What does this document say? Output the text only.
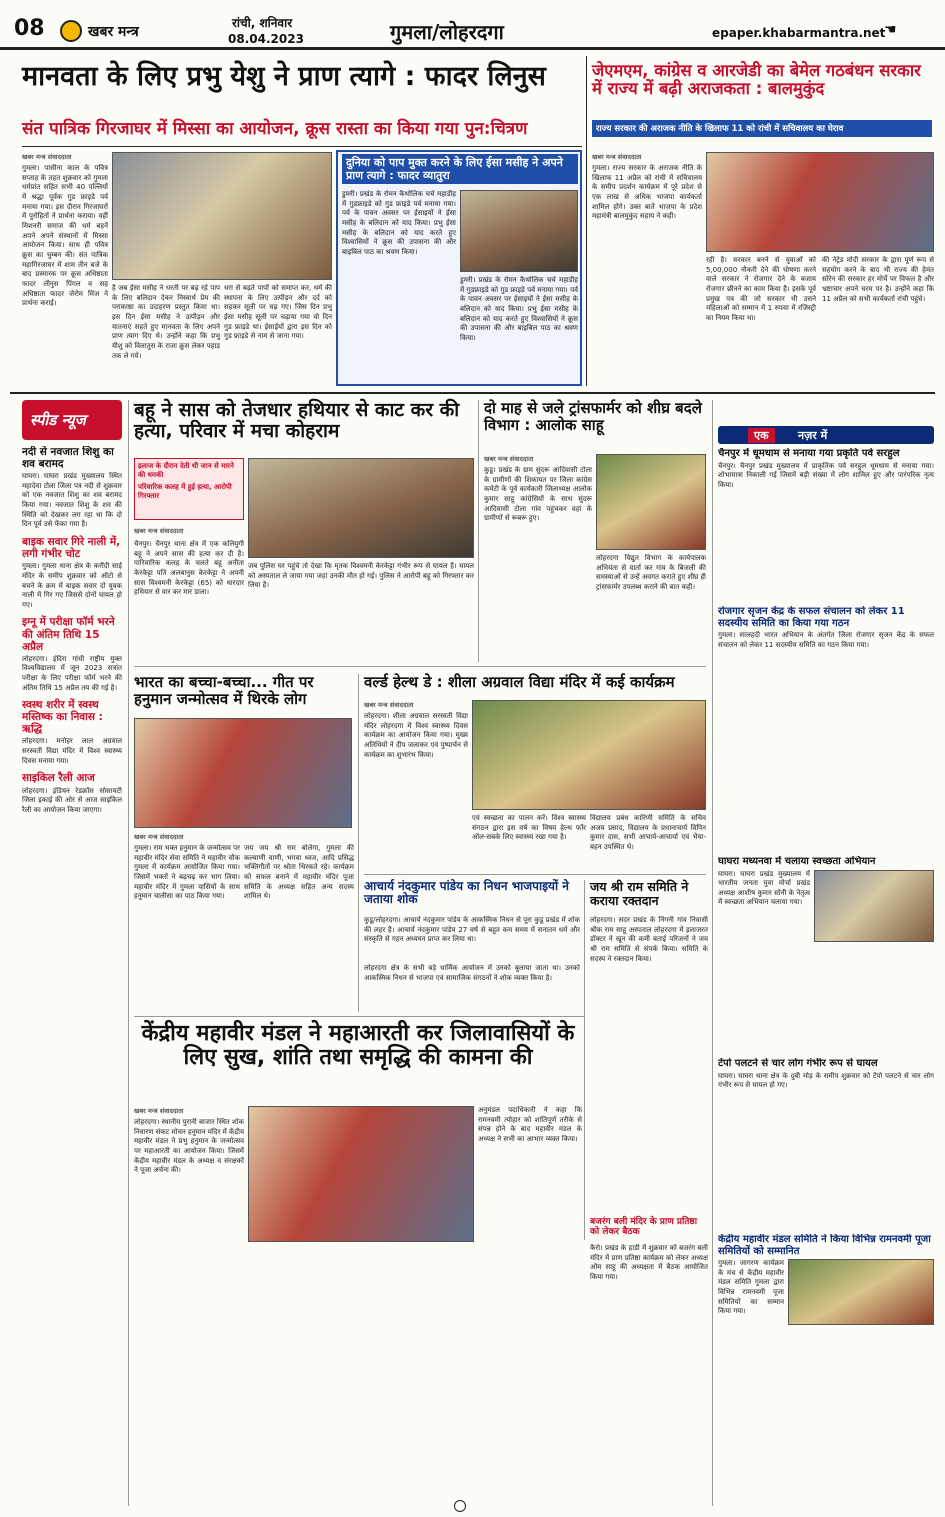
08	खबर मन्त्र
रांची, शनिवार
08.04.2023	गुमला/लोहरदगा	epaper.khabarmantra.net
☚
मानवता के लिए प्रभु येशु ने प्राण त्यागे : फादर लिनुस
संत पात्रिक गिरजाघर में मिस्सा का आयोजन, क्रूस रास्ता का किया गया पुन:चित्रण
खबर मन्त्र संवाददाता
गुमला। पासीना काल के पवित्र सप्ताह के तहत शुक्रवार को गुमला धर्मप्रांत सहित सभी 40 पल्लियों में श्रद्धा पूर्वक गुड फ्राइडे पर्व मनाया गया। इस दौरान गिरजाघरों में पुरोहितों ने प्रार्थना कराया। वहीं मिशनरी समाज की धर्म बहनें अपने अपने संस्थानों में मिस्सा आयोजन किया। साथ ही पवित्र क्रूस का चुम्बन की। संत पात्रिक महागिरजाघर में शाम तीन बजे के बाद प्रस्मारक पर क्रूस अधिष्ठाता फादर लीनुस पिंगल व सह अधिष्ठाता फादर जेरोम मिंज ने प्रार्थना कराई।
है जब ईसा मसीह ने धरती पर बढ़ रहे पाप के लिए बलिदान देकर निस्वार्थ प्रेम की पराकाष्ठा का उदाहरण प्रस्तुत किया था। इस दिन ईसा मसीह ने उत्पीड़न और यातनाएं सहते हुए मानवता के लिए अपने प्राण त्याग दिए थे। उन्होंने कहा कि प्रभु यीशु को विलातुस के राजा क्रूस लेकर पहाड़ तक ले गये।
धरा से बढ़ते पापों को समाप्त कर, धर्म की स्थापना के लिए उत्पीड़न और दर्द को सहकर सूली पर चढ़ गए। जिस दिन प्रभु ईसा मसीह सूली पर चढ़ाया गया वो दिन गुड फ्राइडे था। ईसाईयों द्वारा इस दिन को गुड फ्राइडे से नाम से जाना गया।
दुनिया को पाप मुक्त करने के लिए ईसा मसीह ने अपने प्राण त्यागे : फादर व्यातुरा
डुमरी। प्रखंड के रोमन कैथोलिक चर्च महाडीह में गुडफ्राइडे को गुड फ्राइडे पर्व मनाया गया। पर्व के पावन अवसर पर ईसाइयों ने ईसा मसीह के बलिदान को याद किया। प्रभु ईसा मसीह के बलिदान को याद करते हुए विश्वासियों ने क्रूस की उपासना की और बाइबिल पाठ का श्रवण किया।
डुमरी। प्रखंड के रोमन कैथोलिक चर्च महाडीह में गुडफ्राइडे को गुड फ्राइडे पर्व मनाया गया। पर्व के पावन अवसर पर ईसाइयों ने ईसा मसीह के बलिदान को याद किया। प्रभु ईसा मसीह के बलिदान को याद करते हुए विश्वासियों ने क्रूस की उपासना की और बाइबिल पाठ का श्रवण किया।
जेएमएम, कांग्रेस व आरजेडी का बेमेल गठबंधन सरकार में राज्य में बढ़ी अराजकता : बालमुकुंद
राज्य सरकार की अराजक नीति के खिलाफ 11 को रांची में सचिवालय का घेराव
खबर मन्त्र संवाददाता
गुमला। राज्य सरकार के अराजक नीति के खिलाफ 11 अप्रैल को रांची में सचिवालय के समीप प्रदर्शन कार्यक्रम में पूरे प्रदेश से एक लाख से अधिक भाजपा कार्यकर्ता शामिल होंगे। उक्त बातें भाजपा के प्रदेश महामंत्री बालमुकुंद सहाय ने कही।
रही है। सरकार बनने से युवाओं को 5,00,000 नौकरी देने की घोषणा करने वाले सरकार ने रोजगार देने के बजाय रोजगार छीनने का काम किया है। इसके पूर्व प्रमुख पत्र की जो सरकार थी उसने महिलाओं को सम्मान में 1 रुपया में रजिस्ट्री का नियम किया था।
की नेट्रेड मोदी सरकार के द्वारा पूर्ण रूप से सहयोग करने के बाद भी राज्य की हेमंत सोरेन की सरकार हर मोर्चे पर विफल है और भ्रष्टाचार अपने चरम पर है। उन्होंने कहा कि 11 अप्रैल को सभी कार्यकर्ता रांची पहुंचे।
स्पीड न्यूज
नदी से नवजात शिशु का शव बरामद
घाघरा। घाघरा प्रखंड मुख्यालय स्थित महादेवा टोला जिला पत्र नदी से शुक्रवार को एक नवजात शिशु का शव बरामद किया गया। नवजात शिशु के शव की स्थिति को देखकर लग रहा था कि दो दिन पूर्व उसे फेंका गया है।
बाइक सवार गिरे नाली में, लगी गंभीर चोट
गुमला। गुमला थाना क्षेत्र के करौंदी साई मंदिर के समीप शुक्रवार को ऑटो से बचने के क्रम में बाइक सवार दो युवक नाली में गिर गए जिससे दोनों घायल हो गए।
इग्नू में परीक्षा फॉर्म भरने की अंतिम तिथि 15 अप्रैल
लोहरदगा। इंदिरा गांधी राष्ट्रीय मुक्त विश्वविद्यालय में जून 2023 सत्रांत परीक्षा के लिए परीक्षा फॉर्म भरने की अंतिम तिथि 15 अप्रैल तय की गई है।
स्वस्थ शरीर में स्वस्थ मस्तिष्क का निवास : ऋद्धि
लोहरदगा। मनोहर लाल अग्रवाल सरस्वती विद्या मंदिर में विश्व स्वास्थ्य दिवस मनाया गया।
साइकिल रैली आज
लोहरदगा। इंडियन रेडक्रॉस सोसायटी जिला इकाई की ओर से आज साइकिल रैली का आयोजन किया जाएगा।
बहू ने सास को तेजधार हथियार से काट कर की हत्या, परिवार में मचा कोहराम
इलाज के दौरान देती थी जान से मारने की धमकी
परिवारिक कलह में हुई हत्या, आरोपी गिरफ्तार
खबर मन्त्र संवाददाता
चैनपुर। चैनपुर थाना क्षेत्र में एक कलियुगी बहू ने अपने सास की हत्या कर दी है। पारिवारिक कलह के चलते बहू अनीता केरकेट्टा पति अलबानुस केरकेट्टा ने अपनी सास विश्वमनी केरकेट्टा (65) को धारदार हथियार से वार कर मार डाला।
जब पुलिस घर पहुंचे तो देखा कि मृतक विश्वमनी केरकेट्टा गंभीर रूप से घायल है। घायल को अस्पताल ले जाया गया जहां उनकी मौत हो गई। पुलिस ने आरोपी बहू को गिरफ्तार कर लिया है।
दो माह से जले ट्रांसफार्मर को शीघ्र बदले विभाग : आलोक साहू
खबर मन्त्र संवाददाता
कुडू। प्रखंड के ग्राम सुंदरू आदिवासी टोला के ग्रामीणों की शिकायत पर जिला कांग्रेस कमेटी के पूर्व कार्यकारी जिलाध्यक्ष आलोक कुमार साहू कांग्रेसियों के साथ सुंदरू आदिवासी टोला गांव पहुंचकर वहां के ग्रामीणों से रूबरू हुए।
लोहरदगा विद्युत विभाग के कार्यपालक अभियंता से वार्ता कर गांव के बिजली की समस्याओं से उन्हें अवगत कराते हुए शीघ्र ही ट्रांसफार्मर उपलब्ध कराने की बात कही।
भारत का बच्चा-बच्चा... गीत पर हनुमान जन्मोत्सव में थिरके लोग
खबर मन्त्र संवाददाता
गुमला। राम भक्त हनुमान के जन्मोत्सव पर महावीर मंदिर सेवा समिति ने महावीर चौक गुमला में कार्यक्रम आयोजित किया गया। जिसमें भक्तों ने बढ़चढ़ कर भाग लिया। महावीर मंदिर में गुमला वासियों के साथ हनुमान चालीसा का पाठ किया गया।
जय जय श्री राम बोलेगा, गुमला की कल्याणी वाणी, भगवा ध्वज, आदि प्रसिद्ध भक्तिगीतों पर श्रोता थिरकते रहे। कार्यक्रम को सफल बनाने में महावीर मंदिर पूजा समिति के अध्यक्ष सहित अन्य सदस्य शामिल थे।
वर्ल्ड हेल्थ डे : शीला अग्रवाल विद्या मंदिर में कई कार्यक्रम
खबर मन्त्र संवाददाता
लोहरदगा। शीला अग्रवाल सरस्वती विद्या मंदिर लोहरदगा में विश्व स्वास्थ्य दिवस कार्यक्रम का आयोजन किया गया। मुख्य अतिथियों ने दीप जलाकर एवं पुष्पार्चन से कार्यक्रम का शुभारंभ किया।
एवं स्वच्छता का पालन करें। विश्व स्वास्थ्य संगठन द्वारा इस वर्ष का विषय हेल्थ फॉर ऑल-सबके लिए स्वास्थ्य रखा गया है।
विद्यालय प्रबंध कारिणी समिति के सचिव अजय प्रसाद, विद्यालय के प्रधानाचार्य विपिन कुमार दास, सभी आचार्य-आचार्या एवं भैया-बहन उपस्थित थे।
आचार्य नंदकुमार पांडेय का निधन भाजपाइयों ने जताया शोक
कुडू/लोहरदगा। आचार्य नंदकुमार पांडेय के आकस्मिक निधन से पूरा कुडू प्रखंड में शोक की लहर है। आचार्य नंदकुमार पांडेय 27 वर्ष से बहुत कम समय में सनातन धर्म और संस्कृति से गहन अध्ययन प्राप्त कर लिया था।
लोहरदगा क्षेत्र के सभी बड़े धार्मिक आयोजन में उनको बुलाया जाता था। उनको आकस्मिक निधन से भाजपा एवं सामाजिक संगठनों ने शोक व्यक्त किया है।
जय श्री राम समिति ने कराया रक्तदान
लोहरदगा। सदर प्रखंड के निंगनी गांव निवासी श्रीक राम साहू अस्पताल लोहरदगा में इलाजरत डॉक्टर ने खून की कमी बताई परिजनों ने जय श्री राम समिति से संपर्क किया। समिति के सदस्य ने रक्तदान किया।
बजरंग बली मंदिर के प्राण प्रतिष्ठा को लेकर बैठक
केंद्रीय महावीर मंडल ने महाआरती कर जिलावासियों के लिए सुख, शांति तथा समृद्धि की कामना की
खबर मन्त्र संवाददाता
लोहरदगा। स्थानीय पुरानी बाजार स्थित शोक निवारण संकट मोचन हनुमान मंदिर में केंद्रीय महावीर मंडल ने प्रभु हनुमान के जन्मोत्सव पर महाआरती का आयोजन किया। जिसमें केंद्रीय महावीर मंडल के अध्यक्ष व संरक्षकों ने पूजा अर्चना की।
अनुमंडल पदाधिकारी ने कहा कि रामनवमी त्योहार को शांतिपूर्ण तरीके से संपन्न होने के बाद महावीर मंडल के अध्यक्ष ने सभी का आभार व्यक्त किया।
कैरो। प्रखंड के हाडी में शुक्रवार को बजरंग बली मंदिर में प्राण प्रतिष्ठा कार्यक्रम को लेकर अध्यक्ष ओम साहू की अध्यक्षता में बैठक आयोजित किया गया।
एक	नज़र में
चैनपुर में धूमधाम से मनाया गया प्रकृति पर्व सरहुल
चैनपुर। चैनपुर प्रखंड मुख्यालय में प्राकृतिक पर्व सरहुल धूमधाम से मनाया गया। शोभायात्रा निकाली गई जिसमें बड़ी संख्या में लोग शामिल हुए और पारंपरिक नृत्य किया।
रोजगार सृजन केंद्र के सफल संचालन को लेकर 11 सदस्यीय समिति का किया गया गठन
गुमला। सालहदी भारत अभियान के अंतर्गत जिला रोजगार सृजन केंद्र के सफल संचालन को लेकर 11 सदस्यीय समिति का गठन किया गया।
घाघरा मध्यनवा में चलाया स्वच्छता अभियान
घाघरा। घाघरा प्रखंड मुख्यालय में भारतीय जनता युवा मोर्चा प्रखंड अध्यक्ष आशीष कुमार सोनी के नेतृत्व में स्वच्छता अभियान चलाया गया।
टेंपो पलटने से चार लोग गंभीर रूप से घायल
घाघरा। घाघरा थाना क्षेत्र के दुबी मोड़ के समीप शुक्रवार को टेंपो पलटने से चार लोग गंभीर रूप से घायल हो गए।
केंद्रीय महावीर मंडल समिति ने किया विभिन्न रामनवमी पूजा समितियों को सम्मानित
गुमला। जागरण कार्यक्रम के मंच से केंद्रीय महावीर मंडल समिति गुमला द्वारा विभिन्न रामनवमी पूजा समितियों का सम्मान किया गया।
